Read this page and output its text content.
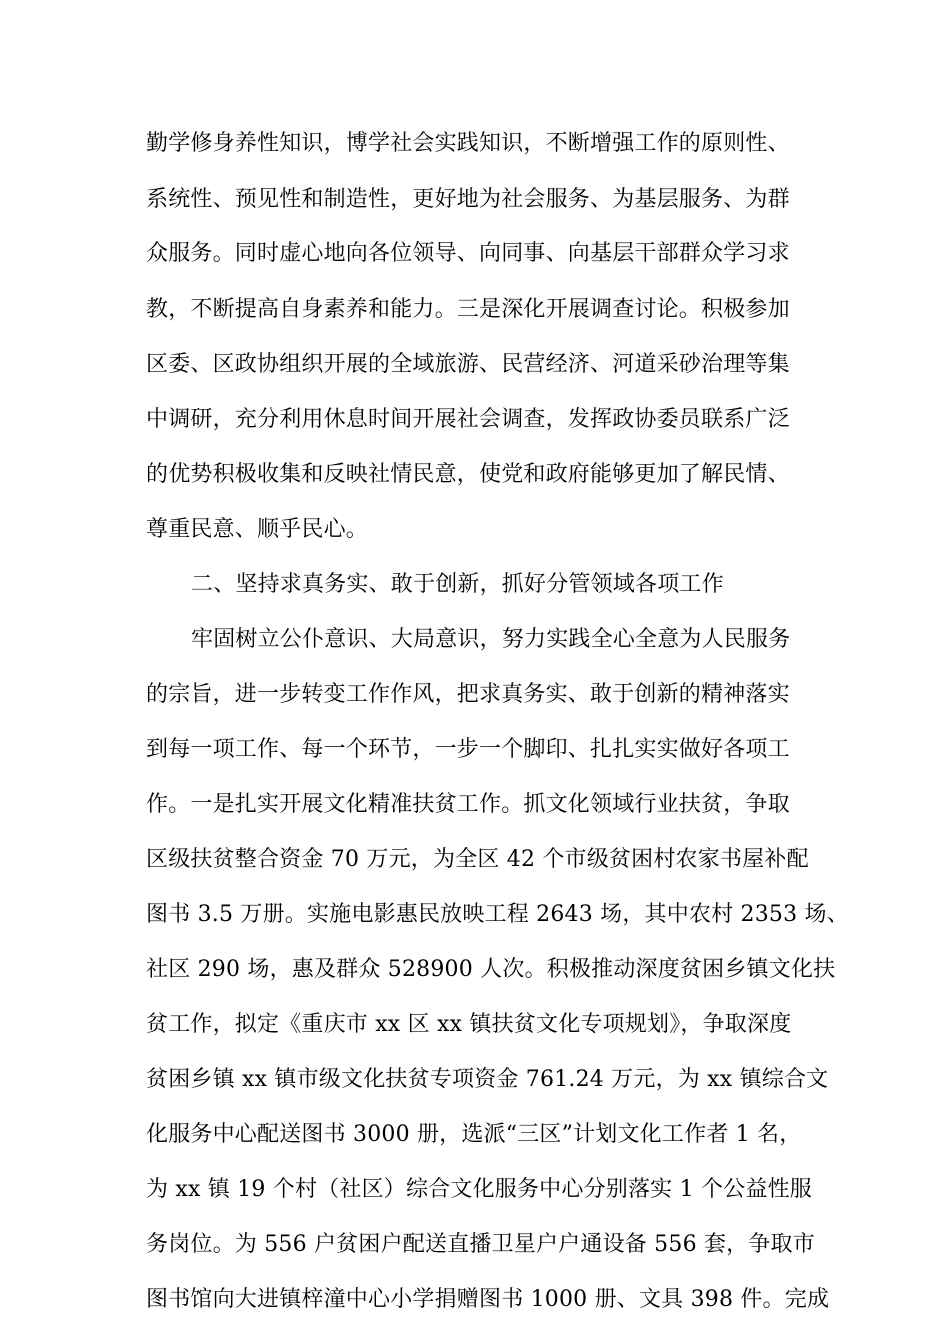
勤学修身养性知识，博学社会实践知识，不断增强工作的原则性、
系统性、预见性和制造性，更好地为社会服务、为基层服务、为群
众服务。同时虚心地向各位领导、向同事、向基层干部群众学习求
教，不断提高自身素养和能力。三是深化开展调查讨论。积极参加
区委、区政协组织开展的全域旅游、民营经济、河道采砂治理等集
中调研，充分利用休息时间开展社会调查，发挥政协委员联系广泛
的优势积极收集和反映社情民意，使党和政府能够更加了解民情、
尊重民意、顺乎民心。
二、坚持求真务实、敢于创新，抓好分管领域各项工作
牢固树立公仆意识、大局意识，努力实践全心全意为人民服务
的宗旨，进一步转变工作作风，把求真务实、敢于创新的精神落实
到每一项工作、每一个环节，一步一个脚印、扎扎实实做好各项工
作。一是扎实开展文化精准扶贫工作。抓文化领域行业扶贫，争取
区级扶贫整合资金 70 万元，为全区 42 个市级贫困村农家书屋补配
图书 3.5 万册。实施电影惠民放映工程 2643 场，其中农村 2353 场、
社区 290 场，惠及群众 528900 人次。积极推动深度贫困乡镇文化扶
贫工作，拟定《重庆市 xx 区 xx 镇扶贫文化专项规划》，争取深度
贫困乡镇 xx 镇市级文化扶贫专项资金 761.24 万元，为 xx 镇综合文
化服务中心配送图书 3000 册，选派“三区”计划文化工作者 1 名，
为 xx 镇 19 个村（社区）综合文化服务中心分别落实 1 个公益性服
务岗位。为 556 户贫困户配送直播卫星户户通设备 556 套，争取市
图书馆向大进镇梓潼中心小学捐赠图书 1000 册、文具 398 件。完成
